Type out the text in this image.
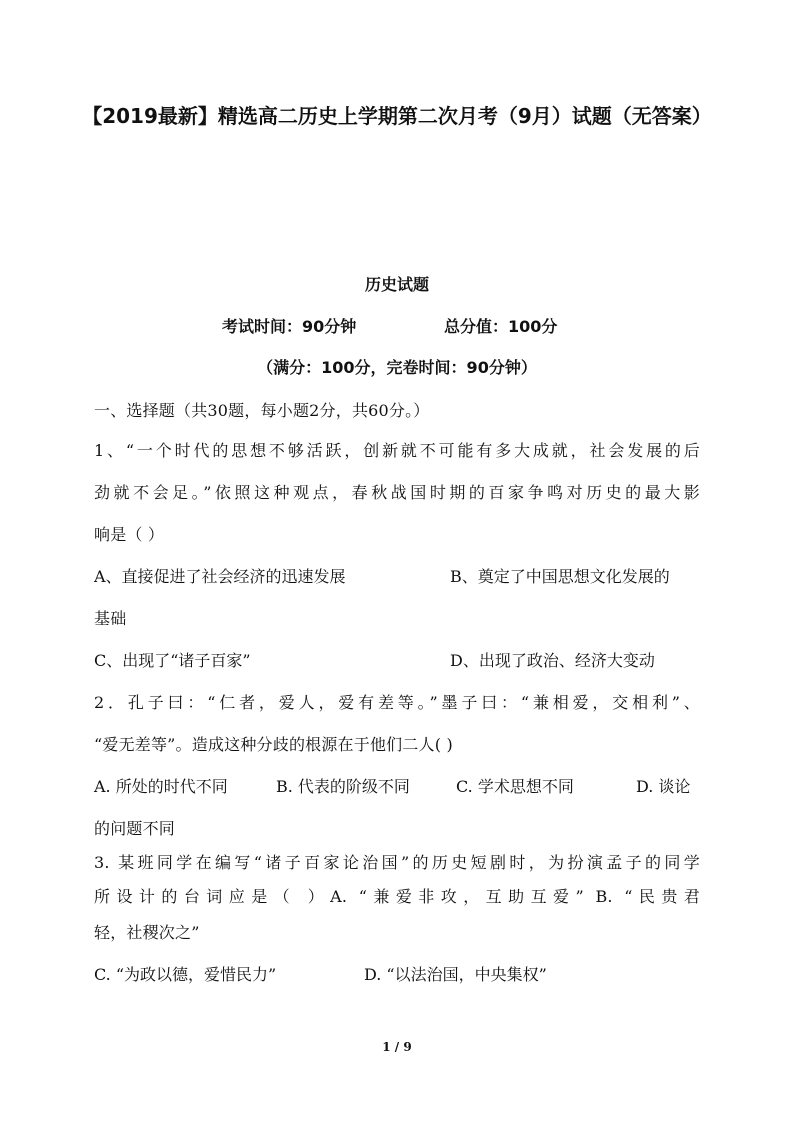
【2019最新】精选高二历史上学期第二次月考（9月）试题（无答案）
历史试题
考试时间：90分钟	总分值：100分
（满分：100分，完卷时间：90分钟）
一、选择题（共30题，每小题2分，共60分。）
1、“一个时代的思想不够活跃，创新就不可能有多大成就，社会发展的后
劲就不会足。”依照这种观点，春秋战国时期的百家争鸣对历史的最大影
响是（ ）
A、直接促进了社会经济的迅速发展	B、奠定了中国思想文化发展的
基础
C、出现了“诸子百家”	D、出现了政治、经济大变动
2．孔子曰：“仁者，爱人，爱有差等。”墨子曰：“兼相爱，交相利”、
“爱无差等”。造成这种分歧的根源在于他们二人( )
A. 所处的时代不同	B. 代表的阶级不同	C. 学术思想不同	D. 谈论
的问题不同
3. 某班同学在编写“诸子百家论治国”的历史短剧时，为扮演孟子的同学
所设计的台词应是（ ）A. “兼爱非攻，互助互爱” B. “民贵君
轻，社稷次之”
C. “为政以德，爱惜民力”	D. “以法治国，中央集权”
1 / 9
